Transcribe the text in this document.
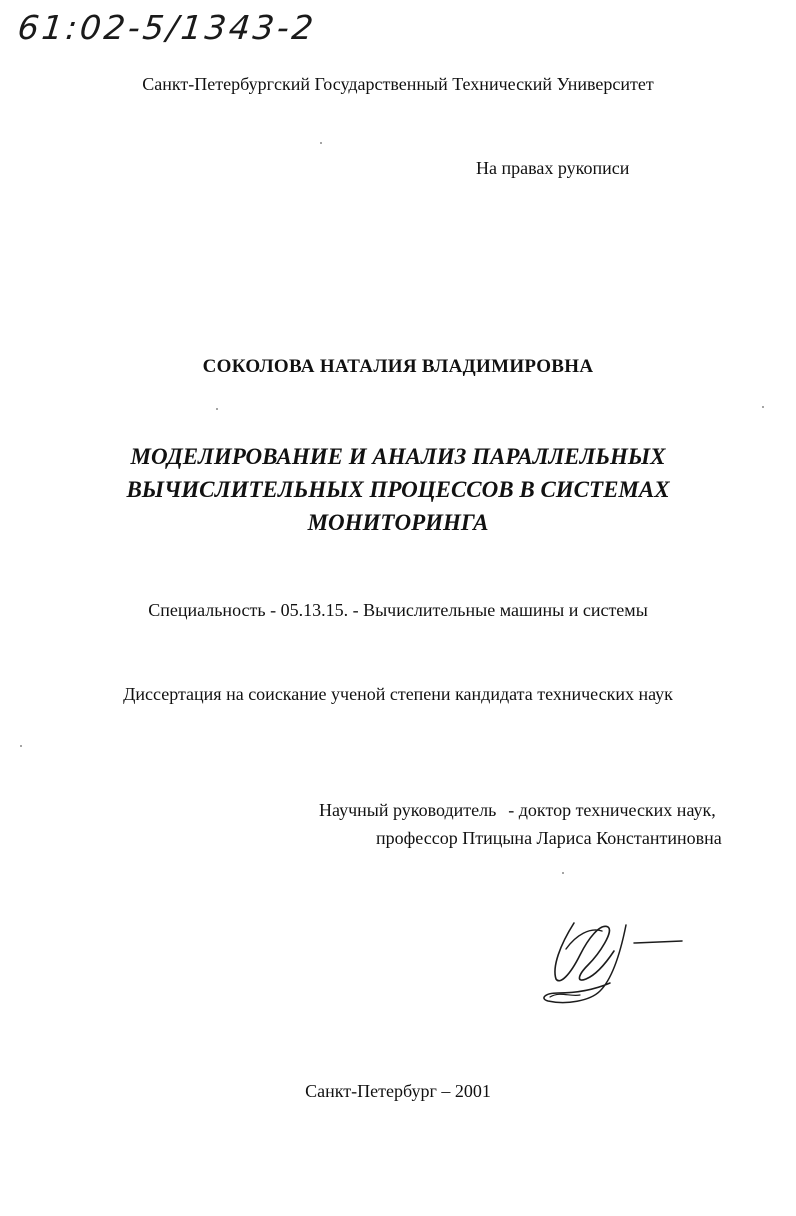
61:02-5/1343-2
Санкт-Петербургский Государственный Технический Университет
На правах рукописи
СОКОЛОВА НАТАЛИЯ ВЛАДИМИРОВНА
МОДЕЛИРОВАНИЕ И АНАЛИЗ ПАРАЛЛЕЛЬНЫХ
ВЫЧИСЛИТЕЛЬНЫХ ПРОЦЕССОВ В СИСТЕМАХ
МОНИТОРИНГА
Специальность - 05.13.15. - Вычислительные машины и системы
Диссертация на соискание ученой степени кандидата технических наук
Научный руководитель - доктор технических наук,
профессор Птицына Лариса Константиновна
Санкт-Петербург – 2001
